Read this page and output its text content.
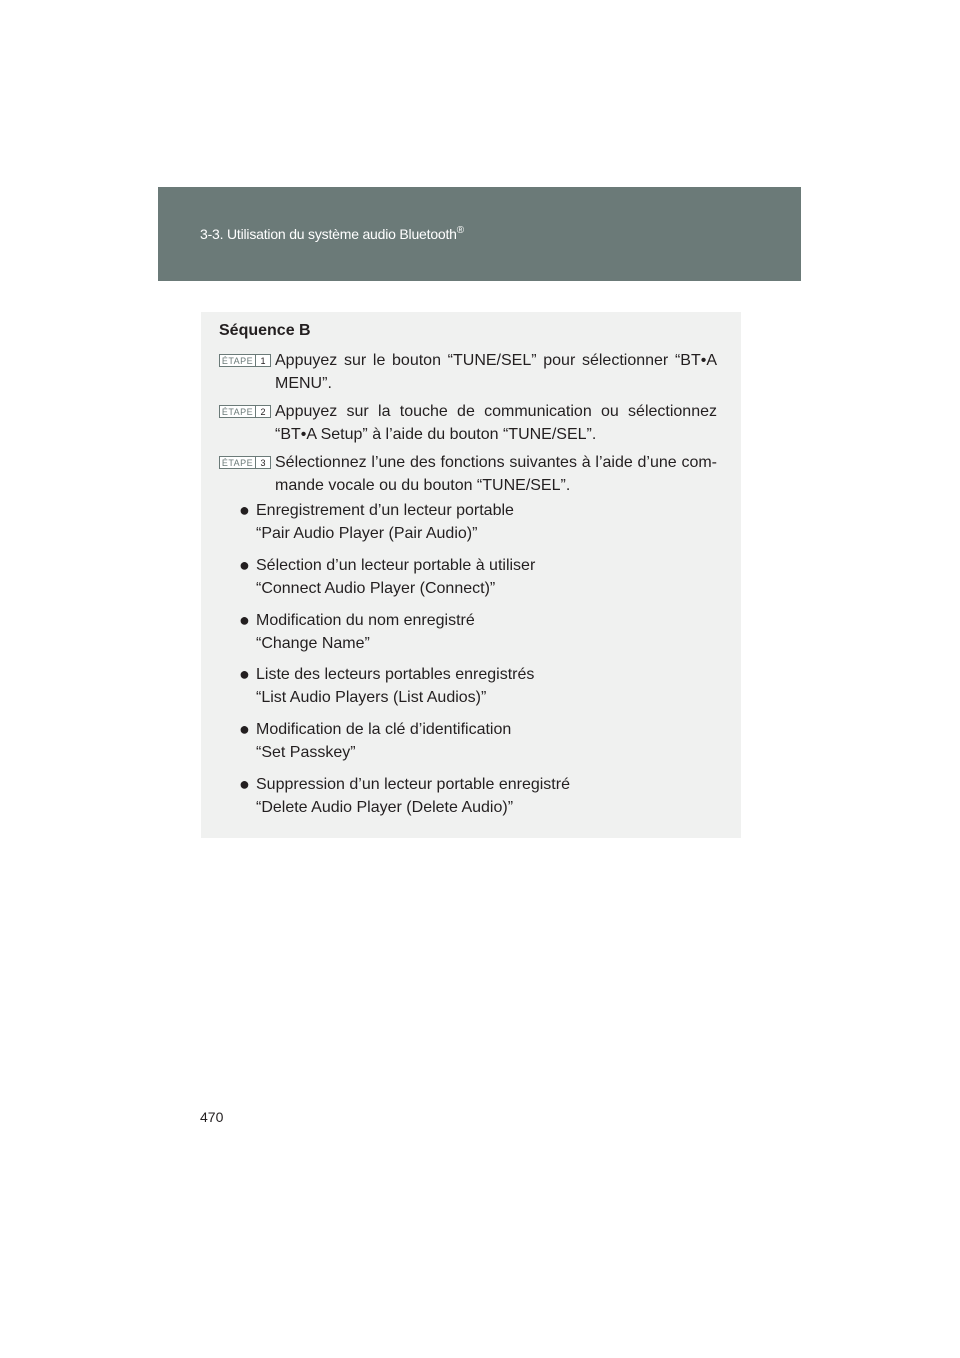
3-3. Utilisation du système audio Bluetooth®
Séquence B
ÉTAPE 1 Appuyez sur le bouton “TUNE/SEL” pour sélectionner “BT•A MENU”.
ÉTAPE 2 Appuyez sur la touche de communication ou sélectionnez “BT•A Setup” à l’aide du bouton “TUNE/SEL”.
ÉTAPE 3 Sélectionnez l’une des fonctions suivantes à l’aide d’une com- mande vocale ou du bouton “TUNE/SEL”.
● Enregistrement d’un lecteur portable
“Pair Audio Player (Pair Audio)”
● Sélection d’un lecteur portable à utiliser
“Connect Audio Player (Connect)”
● Modification du nom enregistré
“Change Name”
● Liste des lecteurs portables enregistrés
“List Audio Players (List Audios)”
● Modification de la clé d’identification
“Set Passkey”
● Suppression d’un lecteur portable enregistré
“Delete Audio Player (Delete Audio)”
470
